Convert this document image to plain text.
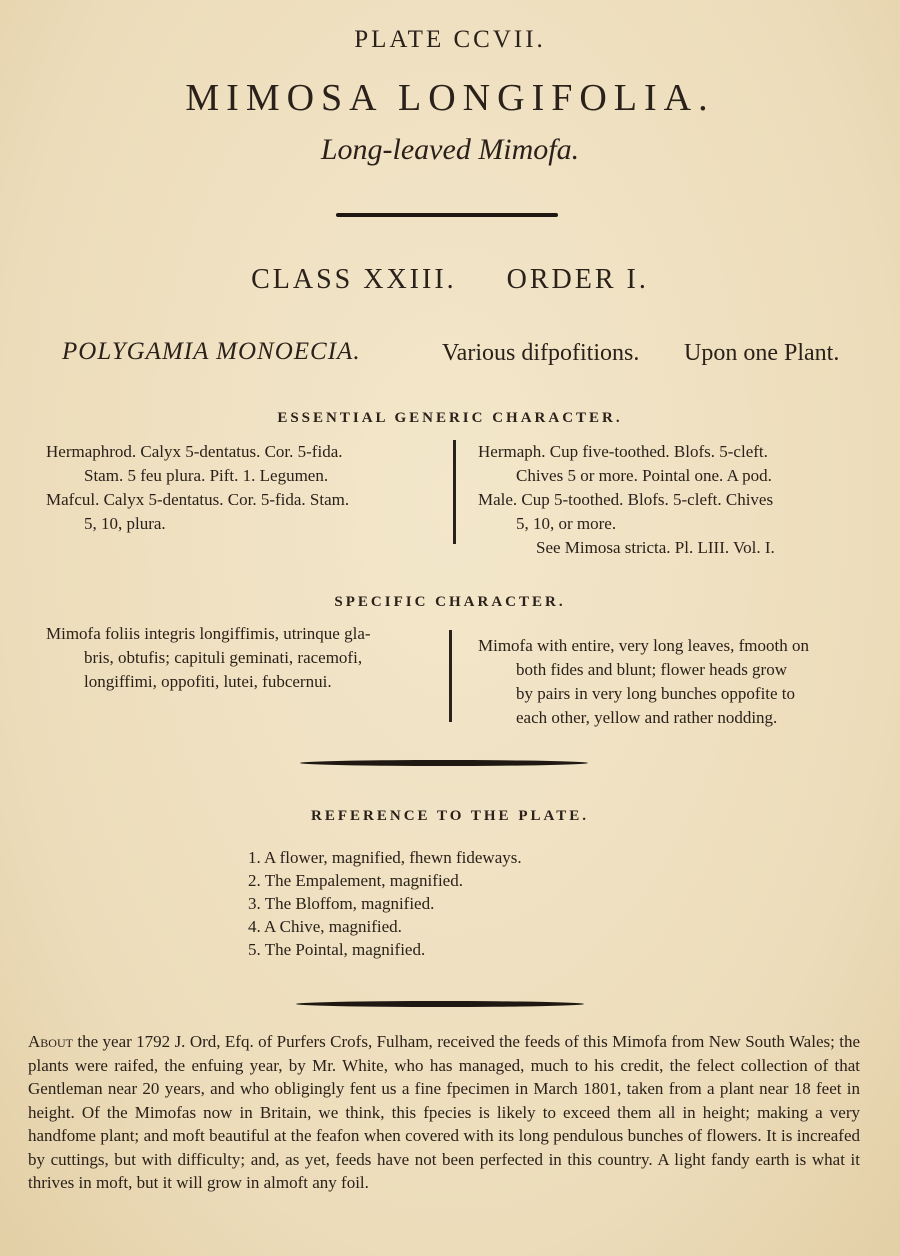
PLATE CCVII.
MIMOSA LONGIFOLIA.
Long-leaved Mimofa.
CLASS XXIII. ORDER I.
POLYGAMIA MONOECIA.	Various difpofitions. Upon one Plant.
ESSENTIAL GENERIC CHARACTER.
Hermaphrod. Calyx 5-dentatus. Cor. 5-fida.
Stam. 5 feu plura. Pift. 1. Legumen.
Mafcul. Calyx 5-dentatus. Cor. 5-fida. Stam.
5, 10, plura.
Hermaph. Cup five-toothed. Blofs. 5-cleft.
Chives 5 or more. Pointal one. A pod.
Male. Cup 5-toothed. Blofs. 5-cleft. Chives
5, 10, or more.
See Mimosa stricta. Pl. LIII. Vol. I.
SPECIFIC CHARACTER.
Mimofa foliis integris longiffimis, utrinque gla-
bris, obtufis; capituli geminati, racemofi,
longiffimi, oppofiti, lutei, fubcernui.
Mimofa with entire, very long leaves, fmooth on
both fides and blunt; flower heads grow
by pairs in very long bunches oppofite to
each other, yellow and rather nodding.
REFERENCE TO THE PLATE.
1. A flower, magnified, fhewn fideways.
2. The Empalement, magnified.
3. The Bloffom, magnified.
4. A Chive, magnified.
5. The Pointal, magnified.
About the year 1792 J. Ord, Efq. of Purfers Crofs, Fulham, received the feeds of this Mimofa from New South Wales; the plants were raifed, the enfuing year, by Mr. White, who has managed, much to his credit, the felect collection of that Gentleman near 20 years, and who obligingly fent us a fine fpecimen in March 1801, taken from a plant near 18 feet in height. Of the Mimofas now in Britain, we think, this fpecies is likely to exceed them all in height; making a very handfome plant; and moft beautiful at the feafon when covered with its long pendulous bunches of flowers. It is increafed by cuttings, but with difficulty; and, as yet, feeds have not been perfected in this country. A light fandy earth is what it thrives in moft, but it will grow in almoft any foil.
